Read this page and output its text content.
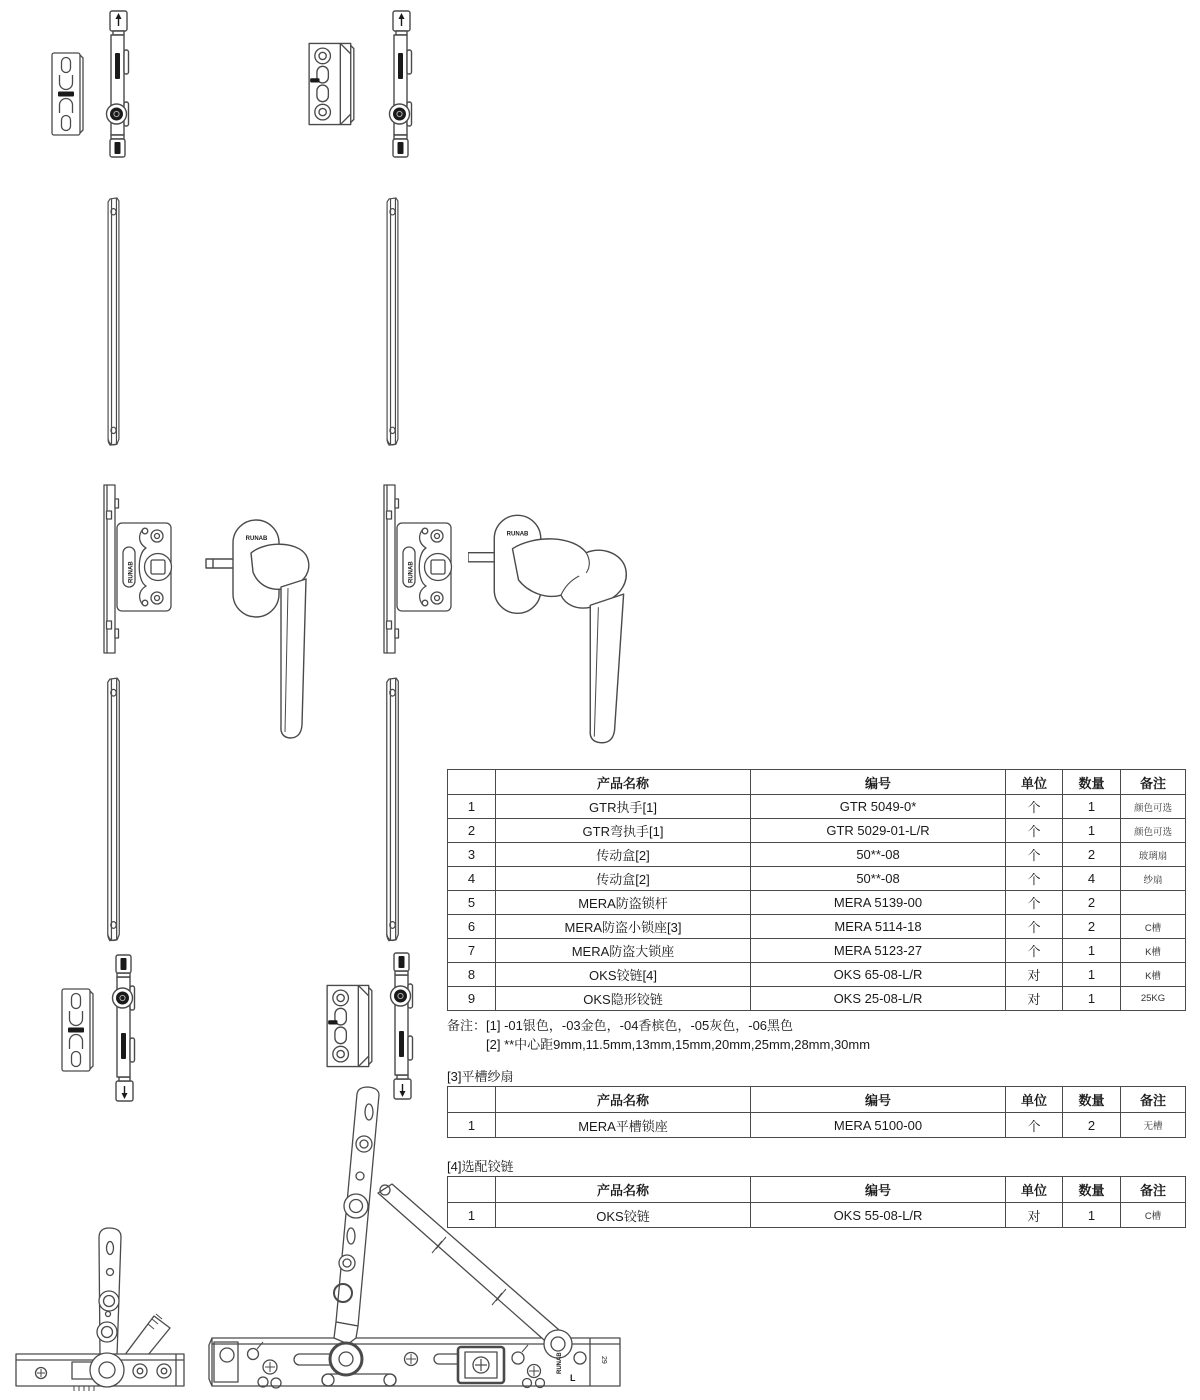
	产品名称	编号	单位	数量	备注
1	GTR执手[1]	GTR 5049-0*	个	1	颜色可选
2	GTR弯执手[1]	GTR 5029-01-L/R	个	1	颜色可选
3	传动盒[2]	50**-08	个	2	玻璃扇
4	传动盒[2]	50**-08	个	4	纱扇
5	MERA防盗锁杆	MERA 5139-00	个	2	
6	MERA防盗小锁座[3]	MERA 5114-18	个	2	C槽
7	MERA防盗大锁座	MERA 5123-27	个	1	K槽
8	OKS铰链[4]	OKS 65-08-L/R	对	1	K槽
9	OKS隐形铰链	OKS 25-08-L/R	对	1	25KG
备注：[1] -01银色，-03金色，-04香槟色，-05灰色，-06黑色
[2] **中心距9mm,11.5mm,13mm,15mm,20mm,25mm,28mm,30mm
[3]平槽纱扇
	产品名称	编号	单位	数量	备注
1	MERA平槽锁座	MERA 5100-00	个	2	无槽
[4]选配铰链
	产品名称	编号	单位	数量	备注
1	OKS铰链	OKS 55-08-L/R	对	1	C槽
